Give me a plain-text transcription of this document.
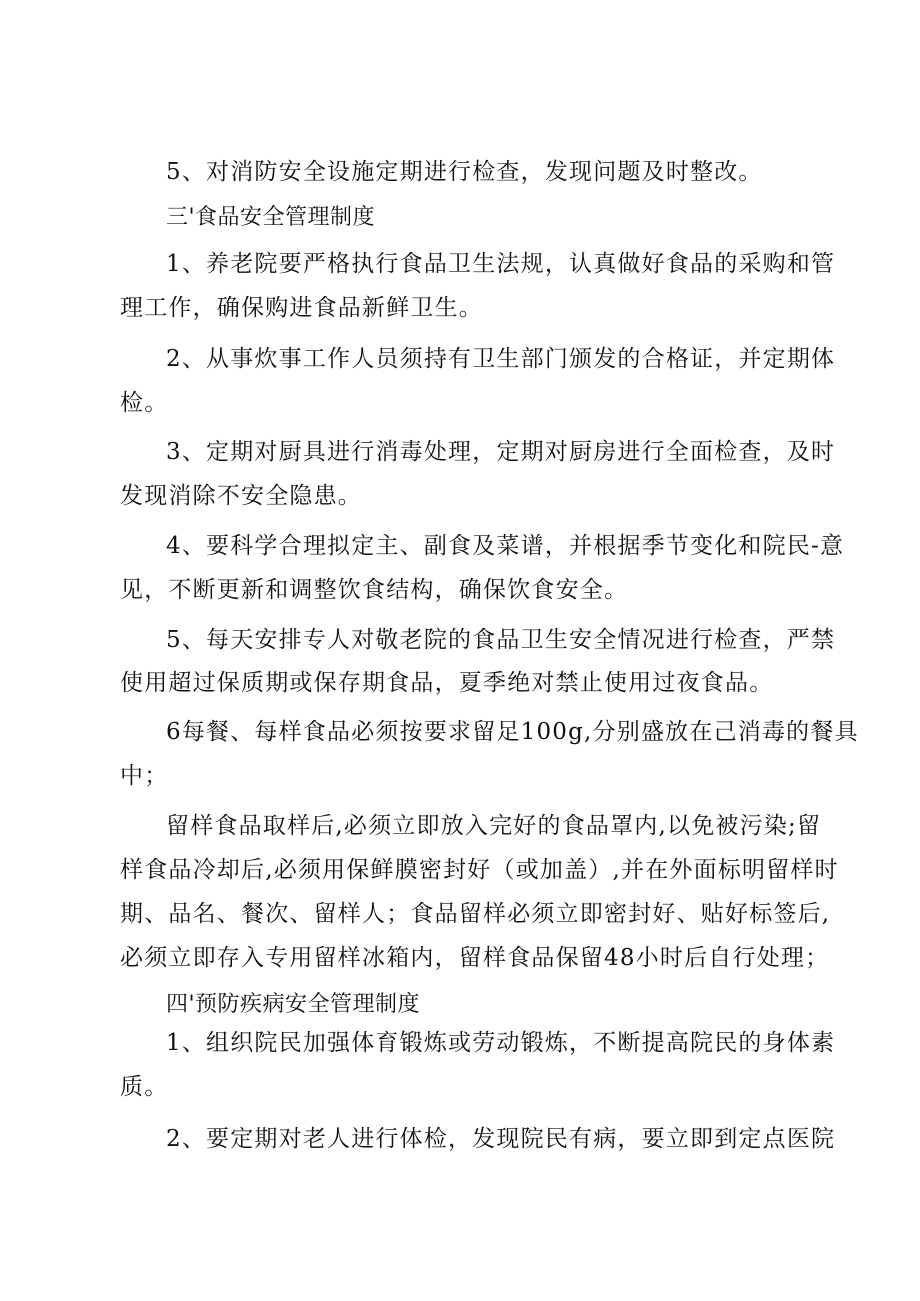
5、对消防安全设施定期进行检查，发现问题及时整改。
三'食品安全管理制度
1、养老院要严格执行食品卫生法规，认真做好食品的采购和管
理工作，确保购进食品新鲜卫生。
2、从事炊事工作人员须持有卫生部门颁发的合格证，并定期体
检。
3、定期对厨具进行消毒处理，定期对厨房进行全面检查，及时
发现消除不安全隐患。
4、要科学合理拟定主、副食及菜谱，并根据季节变化和院民-意
见，不断更新和调整饮食结构，确保饮食安全。
5、每天安排专人对敬老院的食品卫生安全情况进行检查，严禁
使用超过保质期或保存期食品，夏季绝对禁止使用过夜食品。
6每餐、每样食品必须按要求留足100g,分别盛放在己消毒的餐具
中；
留样食品取样后,必须立即放入完好的食品罩内,以免被污染;留
样食品冷却后,必须用保鲜膜密封好（或加盖）,并在外面标明留样时
期、品名、餐次、留样人；食品留样必须立即密封好、贴好标签后,
必须立即存入专用留样冰箱内，留样食品保留48小时后自行处理；
四'预防疾病安全管理制度
1、组织院民加强体育锻炼或劳动锻炼，不断提高院民的身体素
质。
2、要定期对老人进行体检，发现院民有病，要立即到定点医院
